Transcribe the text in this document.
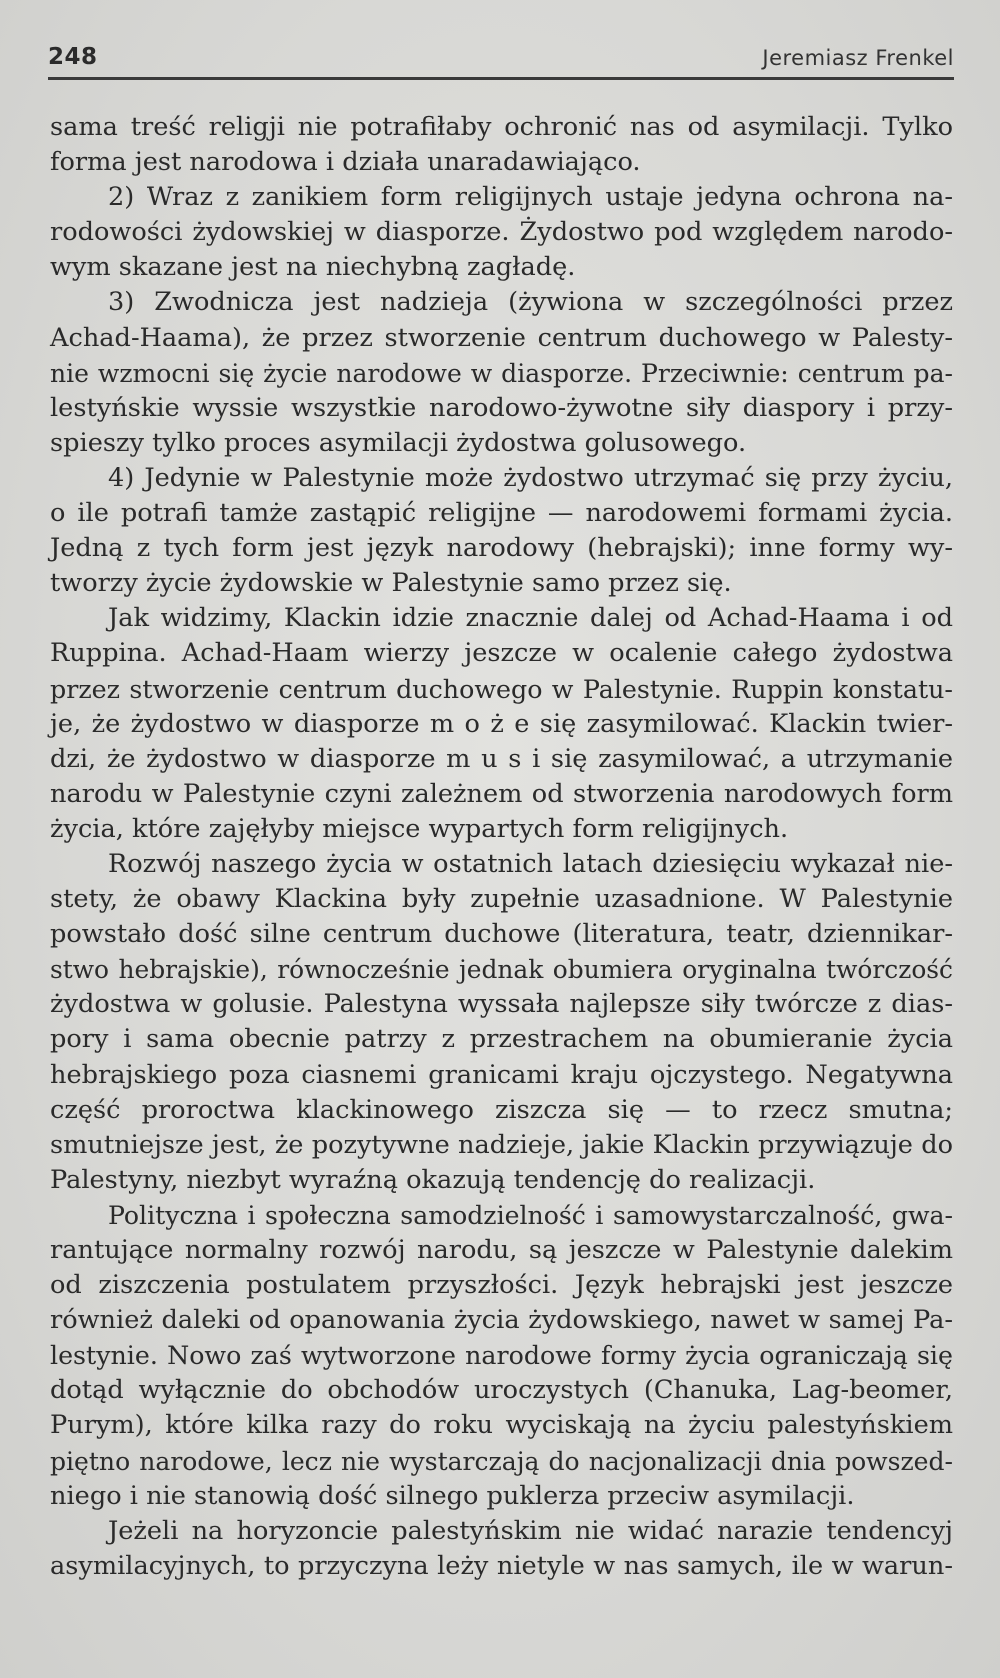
248	Jeremiasz Frenkel
sama treść religji nie potrafiłaby ochronić nas od asymilacji. Tylko
forma jest narodowa i działa unaradawiająco.
2) Wraz z zanikiem form religijnych ustaje jedyna ochrona na-
rodowości żydowskiej w diasporze. Żydostwo pod względem narodo-
wym skazane jest na niechybną zagładę.
3) Zwodnicza jest nadzieja (żywiona w szczególności przez
Achad-Haama), że przez stworzenie centrum duchowego w Palesty-
nie wzmocni się życie narodowe w diasporze. Przeciwnie: centrum pa-
lestyńskie wyssie wszystkie narodowo-żywotne siły diaspory i przy-
spieszy tylko proces asymilacji żydostwa golusowego.
4) Jedynie w Palestynie może żydostwo utrzymać się przy życiu,
o ile potrafi tamże zastąpić religijne — narodowemi formami życia.
Jedną z tych form jest język narodowy (hebrajski); inne formy wy-
tworzy życie żydowskie w Palestynie samo przez się.
Jak widzimy, Klackin idzie znacznie dalej od Achad-Haama i od
Ruppina. Achad-Haam wierzy jeszcze w ocalenie całego żydostwa
przez stworzenie centrum duchowego w Palestynie. Ruppin konstatu-
je, że żydostwo w diasporze m o ż e się zasymilować. Klackin twier-
dzi, że żydostwo w diasporze m u s i się zasymilować, a utrzymanie
narodu w Palestynie czyni zależnem od stworzenia narodowych form
życia, które zajęłyby miejsce wypartych form religijnych.
Rozwój naszego życia w ostatnich latach dziesięciu wykazał nie-
stety, że obawy Klackina były zupełnie uzasadnione. W Palestynie
powstało dość silne centrum duchowe (literatura, teatr, dziennikar-
stwo hebrajskie), równocześnie jednak obumiera oryginalna twórczość
żydostwa w golusie. Palestyna wyssała najlepsze siły twórcze z dias-
pory i sama obecnie patrzy z przestrachem na obumieranie życia
hebrajskiego poza ciasnemi granicami kraju ojczystego. Negatywna
część proroctwa klackinowego ziszcza się — to rzecz smutna;
smutniejsze jest, że pozytywne nadzieje, jakie Klackin przywiązuje do
Palestyny, niezbyt wyraźną okazują tendencję do realizacji.
Polityczna i społeczna samodzielność i samowystarczalność, gwa-
rantujące normalny rozwój narodu, są jeszcze w Palestynie dalekim
od ziszczenia postulatem przyszłości. Język hebrajski jest jeszcze
również daleki od opanowania życia żydowskiego, nawet w samej Pa-
lestynie. Nowo zaś wytworzone narodowe formy życia ograniczają się
dotąd wyłącznie do obchodów uroczystych (Chanuka, Lag-beomer,
Purym), które kilka razy do roku wyciskają na życiu palestyńskiem
piętno narodowe, lecz nie wystarczają do nacjonalizacji dnia powszed-
niego i nie stanowią dość silnego puklerza przeciw asymilacji.
Jeżeli na horyzoncie palestyńskim nie widać narazie tendencyj
asymilacyjnych, to przyczyna leży nietyle w nas samych, ile w warun-
